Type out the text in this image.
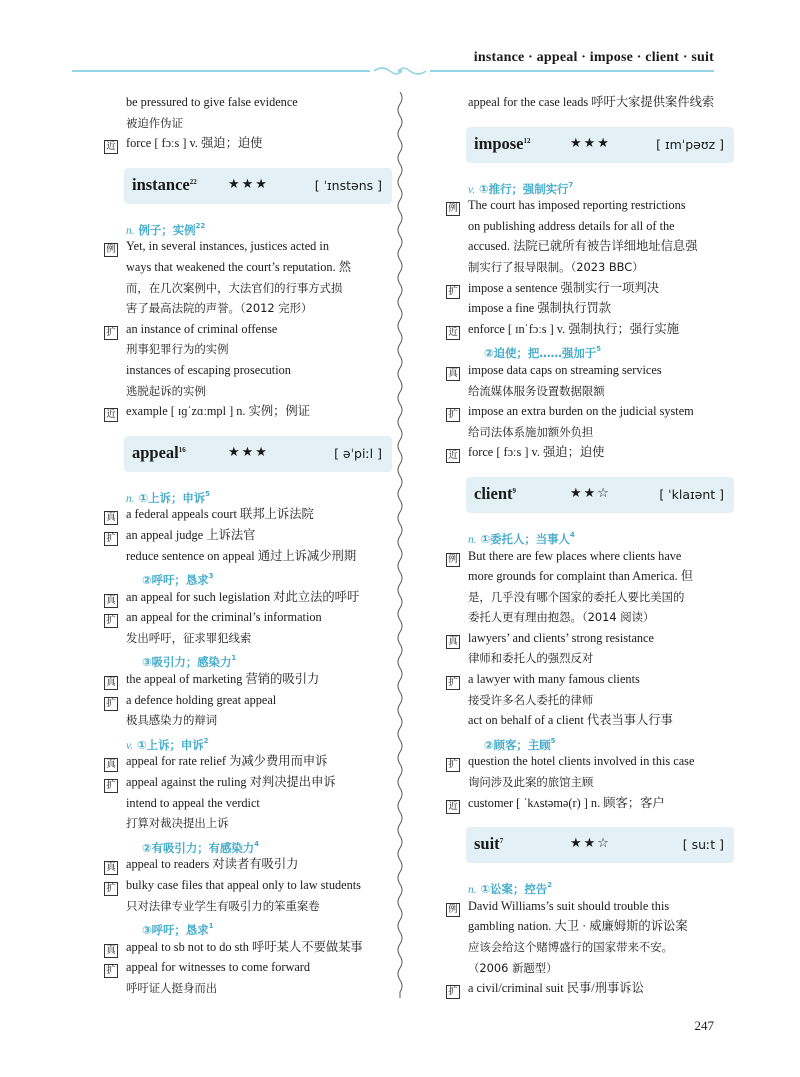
instance · appeal · impose · client · suit
be pressured to give false evidence
被迫作伪证
近 force [ fɔːs ] v. 强迫；迫使
instance$^{22}$ ★★★	[ ˈɪnstəns ]
n. 例子；实例$^{22}$
例 Yet, in several instances, justices acted in
ways that weakened the court’s reputation. 然
而，在几次案例中，大法官们的行事方式损
害了最高法院的声誉。（2012 完形）
扩 an instance of criminal offense
刑事犯罪行为的实例
instances of escaping prosecution
逃脱起诉的实例
近 example [ ɪɡˈzɑːmpl ] n. 实例；例证
appeal$^{16}$	★★★	[ əˈpiːl ]
n. ①上诉；申诉$^5$
真 a federal appeals court 联邦上诉法院
扩 an appeal judge 上诉法官
reduce sentence on appeal 通过上诉减少刑期
②呼吁；恳求$^3$
真 an appeal for such legislation 对此立法的呼吁
扩 an appeal for the criminal’s information
发出呼吁，征求罪犯线索
③吸引力；感染力$^1$
真 the appeal of marketing 营销的吸引力
扩 a defence holding great appeal
极具感染力的辩词
v. ①上诉；申诉$^2$
真 appeal for rate relief 为减少费用而申诉
扩 appeal against the ruling 对判决提出申诉
intend to appeal the verdict
打算对裁决提出上诉
②有吸引力；有感染力$^4$
真 appeal to readers 对读者有吸引力
扩 bulky case files that appeal only to law students
只对法律专业学生有吸引力的笨重案卷
③呼吁；恳求$^1$
真 appeal to sb not to do sth 呼吁某人不要做某事
扩 appeal for witnesses to come forward
呼吁证人挺身而出
appeal for the case leads 呼吁大家提供案件线索
impose$^{12}$	★★★	[ ɪmˈpəʊz ]
v. ①推行；强制实行$^7$
例 The court has imposed reporting restrictions
on publishing address details for all of the
accused. 法院已就所有被告详细地址信息强
制实行了报导限制。（2023 BBC）
扩 impose a sentence 强制实行一项判决
impose a fine 强制执行罚款
近 enforce [ ɪnˈfɔːs ] v. 强制执行；强行实施
②迫使；把……强加于$^5$
真 impose data caps on streaming services
给流媒体服务设置数据限额
扩 impose an extra burden on the judicial system
给司法体系施加额外负担
近 force [ fɔːs ] v. 强迫；迫使
client$^9$	★★☆	[ ˈklaɪənt ]
n. ①委托人；当事人$^4$
例 But there are few places where clients have
more grounds for complaint than America. 但
是，几乎没有哪个国家的委托人要比美国的
委托人更有理由抱怨。（2014 阅读）
真 lawyers’ and clients’ strong resistance
律师和委托人的强烈反对
扩 a lawyer with many famous clients
接受许多名人委托的律师
act on behalf of a client 代表当事人行事
②顾客；主顾$^5$
扩 question the hotel clients involved in this case
询问涉及此案的旅馆主顾
近 customer [ ˈkʌstəmə(r) ] n. 顾客；客户
suit$^7$	★★☆	[ suːt ]
n. ①讼案；控告$^2$
例 David Williams’s suit should trouble this
gambling nation. 大卫 · 威廉姆斯的诉讼案
应该会给这个赌博盛行的国家带来不安。
（2006 新题型）
扩 a civil/criminal suit 民事/刑事诉讼
247
